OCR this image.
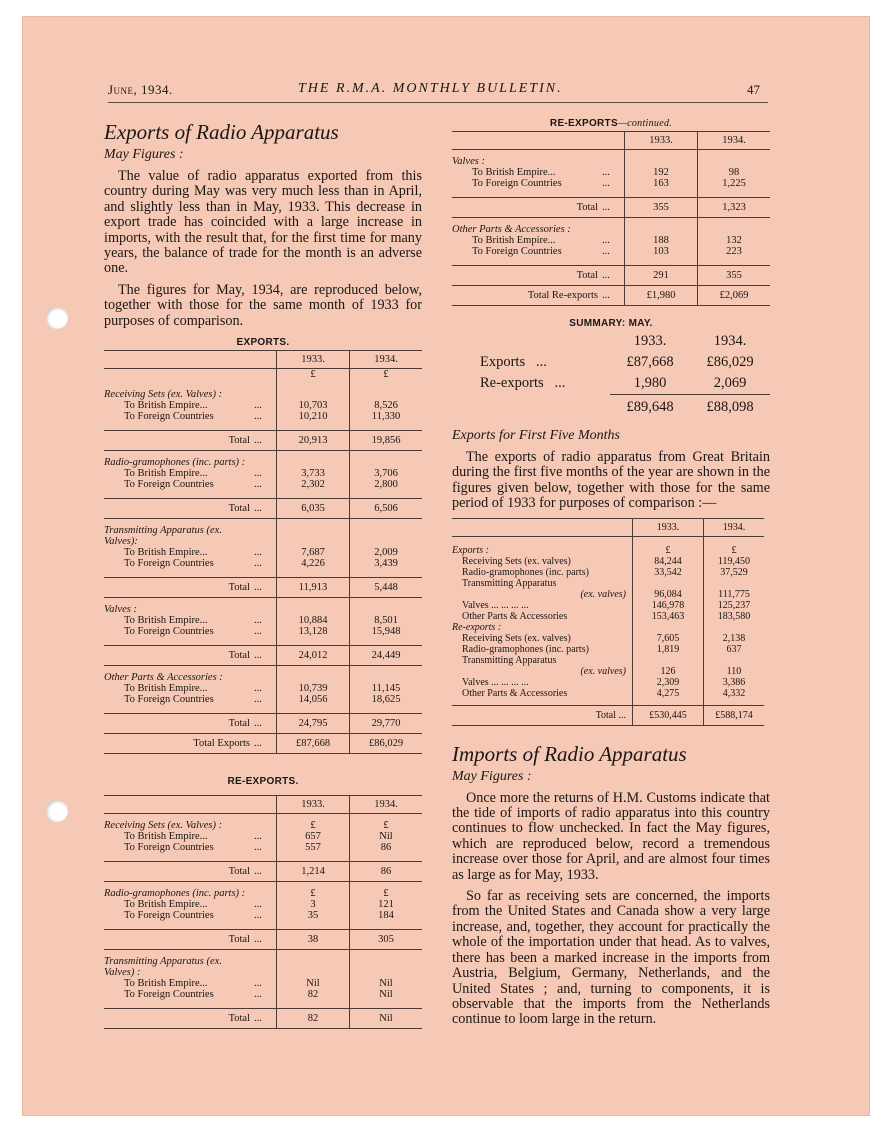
June, 1934.	THE R.M.A. MONTHLY BULLETIN.	47
Exports of Radio Apparatus
May Figures :

The value of radio apparatus exported from this country during May was very much less than in April, and slightly less than in May, 1933. This decrease in export trade has coincided with a large increase in imports, with the result that, for the first time for many years, the balance of trade for the month is an adverse one.

The figures for May, 1934, are reproduced below, together with those for the same month of 1933 for purposes of comparison.

EXPORTS.
		1933.	1934.
		£	£
Receiving Sets (ex. Valves) :			
To British Empire...	...	10,703	8,526
To Foreign Countries	...	10,210	11,330

Total	...	20,913	19,856
Radio-gramophones (inc. parts) :			
To British Empire...	...	3,733	3,706
To Foreign Countries	...	2,302	2,800

Total	...	6,035	6,506
Transmitting Apparatus (ex. Valves):			
To British Empire...	...	7,687	2,009
To Foreign Countries	...	4,226	3,439

Total	...	11,913	5,448
Valves :			
To British Empire...	...	10,884	8,501
To Foreign Countries	...	13,128	15,948

Total	...	24,012	24,449
Other Parts & Accessories :			
To British Empire...	...	10,739	11,145
To Foreign Countries	...	14,056	18,625

Total	...	24,795	29,770
Total Exports	...	£87,668	£86,029
RE-EXPORTS.
		1933.	1934.
Receiving Sets (ex. Valves) :		£	£
To British Empire...	...	657	Nil
To Foreign Countries	...	557	86

Total	...	1,214	86
Radio-gramophones (inc. parts) :		£	£
To British Empire...	...	3	121
To Foreign Countries	...	35	184

Total	...	38	305
Transmitting Apparatus (ex. Valves) :			
To British Empire...	...	Nil	Nil
To Foreign Countries	...	82	Nil

Total	...	82	Nil
RE-EXPORTS—continued.
		1933.	1934.
Valves :			
To British Empire...	...	192	98
To Foreign Countries	...	163	1,225

Total	...	355	1,323
Other Parts & Accessories :			
To British Empire...	...	188	132
To Foreign Countries	...	103	223

Total	...	291	355
Total Re-exports	...	£1,980	£2,069
SUMMARY: MAY.
	1933.	1934.
Exports   ...	£87,668	£86,029
Re-exports   ...	1,980	2,069
	£89,648	£88,098
Exports for First Five Months

The exports of radio apparatus from Great Britain during the first five months of the year are shown in the figures given below, together with those for the same period of 1933 for purposes of comparison :—

	1933.	1934.

Exports :	£	£
Receiving Sets (ex. valves)	84,244	119,450
Radio-gramophones (inc. parts)	33,542	37,529
Transmitting Apparatus		
(ex. valves)	96,084	111,775
Valves ... ... ... ...	146,978	125,237
Other Parts & Accessories	153,463	183,580
Re-exports :		
Receiving Sets (ex. valves)	7,605	2,138
Radio-gramophones (inc. parts)	1,819	637
Transmitting Apparatus		
(ex. valves)	126	110
Valves ... ... ... ...	2,309	3,386
Other Parts & Accessories	4,275	4,332

Total ...	£530,445	£588,174
Imports of Radio Apparatus
May Figures :

Once more the returns of H.M. Customs indicate that the tide of imports of radio apparatus into this country continues to flow unchecked. In fact the May figures, which are reproduced below, record a tremendous increase over those for April, and are almost four times as large as for May, 1933.

So far as receiving sets are concerned, the imports from the United States and Canada show a very large increase, and, together, they account for practically the whole of the importation under that head. As to valves, there has been a marked increase in the imports from Austria, Belgium, Germany, Netherlands, and the United States ; and, turning to components, it is observable that the imports from the Netherlands continue to loom large in the return.
